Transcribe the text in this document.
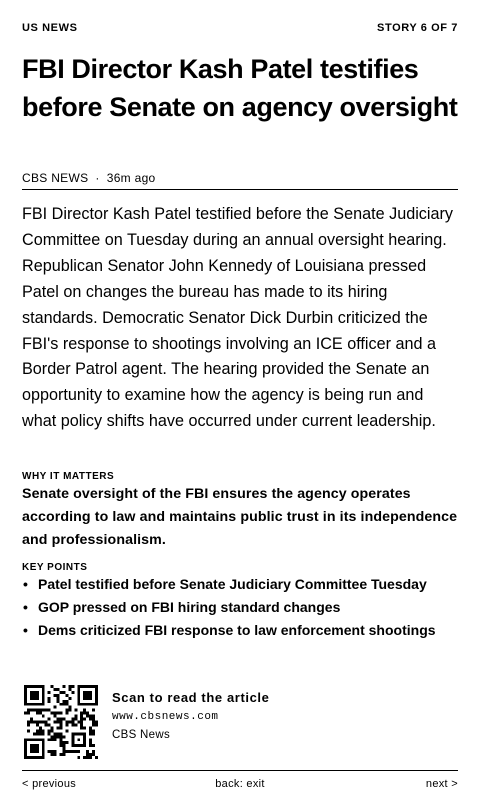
US NEWS	STORY 6 OF 7
FBI Director Kash Patel testifies before Senate on agency oversight
CBS NEWS · 36m ago

FBI Director Kash Patel testified before the Senate Judiciary Committee on Tuesday during an annual oversight hearing. Republican Senator John Kennedy of Louisiana pressed Patel on changes the bureau has made to its hiring standards. Democratic Senator Dick Durbin criticized the FBI's response to shootings involving an ICE officer and a Border Patrol agent. The hearing provided the Senate an opportunity to examine how the agency is being run and what policy shifts have occurred under current leadership.

WHY IT MATTERS

Senate oversight of the FBI ensures the agency operates according to law and maintains public trust in its independence and professionalism.

KEY POINTS
• Patel testified before Senate Judiciary Committee Tuesday
• GOP pressed on FBI hiring standard changes
• Dems criticized FBI response to law enforcement shootings
Scan to read the article
www.cbsnews.com
CBS News
< previous	back: exit	next >
